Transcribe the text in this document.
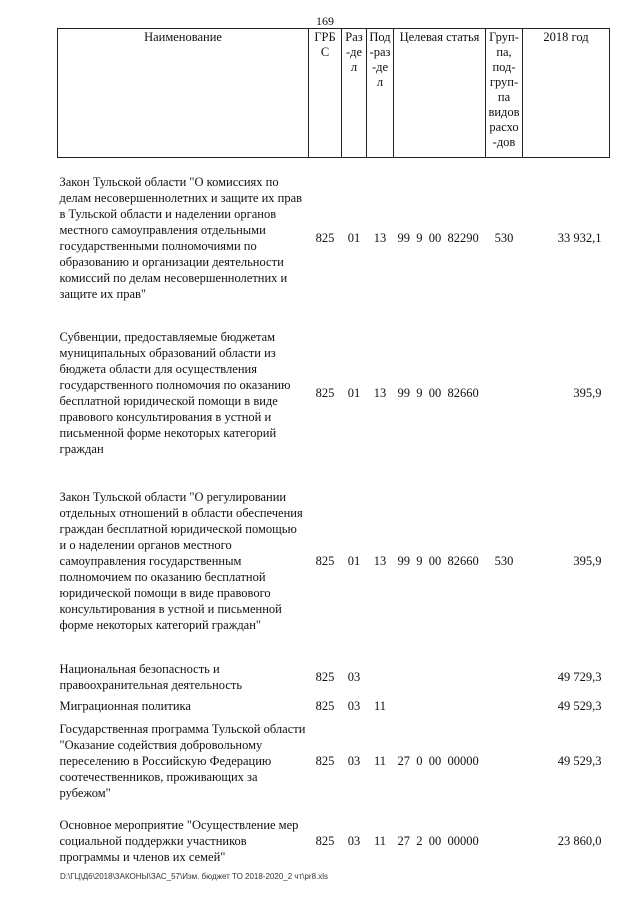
169
Наименование	ГРБС	Раз-дел	Под-раз-дел	Целевая статья	Груп-па, под-груп-па видов расхо-дов	2018 год
Закон Тульской области "О комиссиях по делам несовершеннолетних и защите их прав в Тульской области и наделении органов местного самоуправления отдельными государственными полномочиями по образованию и организации деятельности комиссий по делам несовершеннолетних и защите их прав"	825	01	13	99  9  00  82290	530	33 932,1
Субвенции, предоставляемые бюджетам муниципальных образований области из бюджета области для осуществления государственного полномочия по оказанию бесплатной юридической помощи в виде правового консультирования в устной и письменной форме некоторых категорий граждан	825	01	13	99  9  00  82660		395,9
Закон Тульской области "О регулировании отдельных отношений в области обеспечения граждан бесплатной юридической помощью и о наделении органов местного самоуправления государственным полномочием по оказанию бесплатной юридической помощи в виде правового консультирования в устной и письменной форме некоторых категорий граждан"	825	01	13	99  9  00  82660	530	395,9
Национальная безопасность и правоохранительная деятельность	825	03				49 729,3
Миграционная политика	825	03	11			49 529,3
Государственная программа Тульской области "Оказание содействия добровольному переселению в Российскую Федерацию соотечественников, проживающих за рубежом"	825	03	11	27  0  00  00000		49 529,3
Основное мероприятие "Осуществление мер социальной поддержки участников программы и членов их семей"	825	03	11	27  2  00  00000		23 860,0
D:\ГЦ\Д6\2018\ЗАКОНЫ\ЗАС_57\Изм. бюджет ТО 2018-2020_2 чт\pr8.xls
